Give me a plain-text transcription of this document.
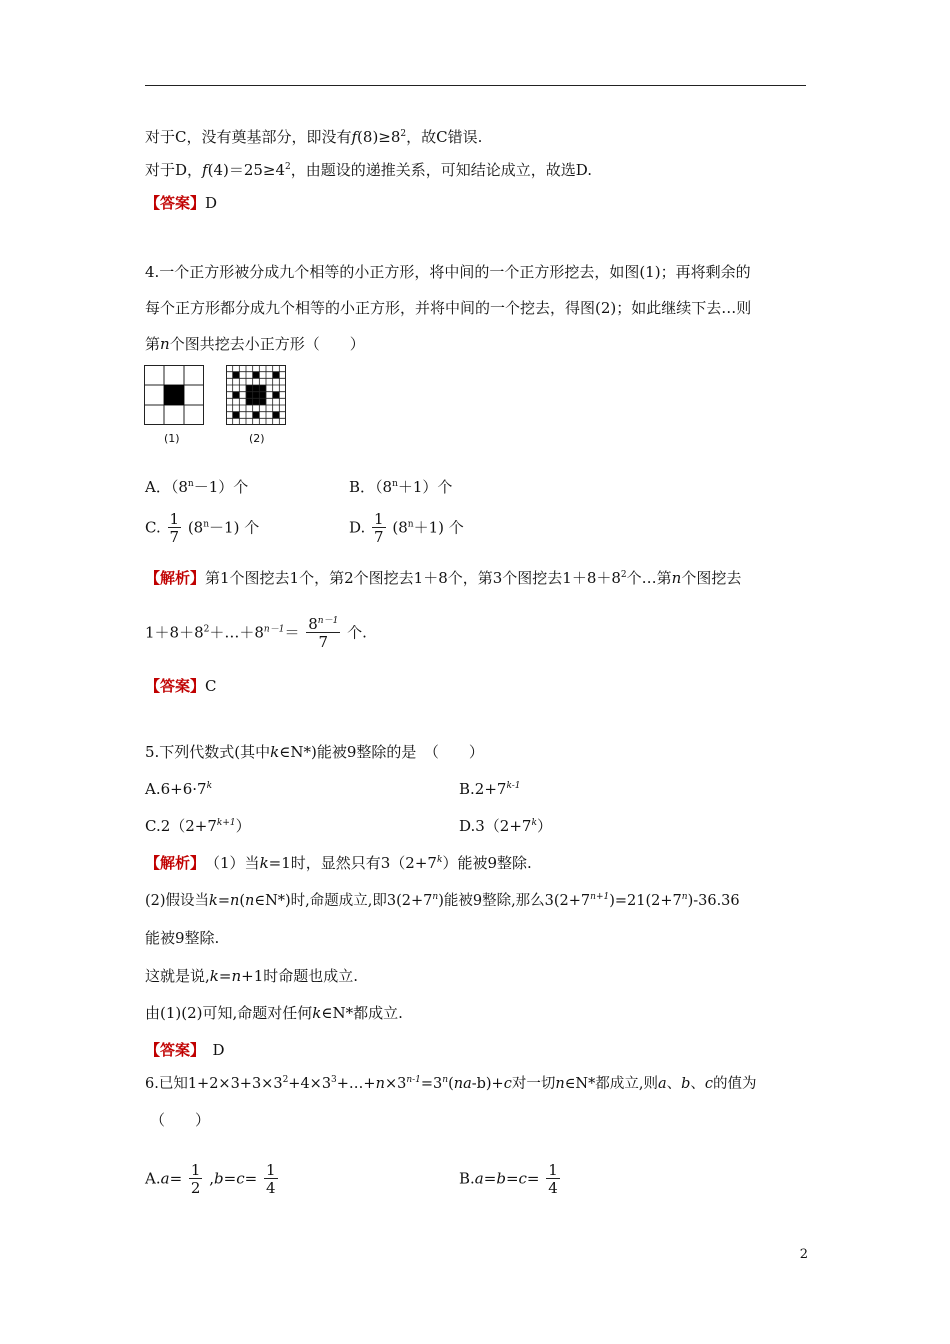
对于C，没有奠基部分，即没有$f(8)\ge 8^2$，故C错误.
对于D，$f(4)=25\ge 4^2$，由题设的递推关系，可知结论成立，故选D.
【答案】D
4.一个正方形被分成九个相等的小正方形，将中间的一个正方形挖去，如图(1)；再将剩余的
每个正方形都分成九个相等的小正方形，并将中间的一个挖去，得图(2)；如此继续下去…则
第n个图共挖去小正方形（　　）
(1)	(2)
A．$(8^n-1)$个	B．$(8^n+1)$个
C. $\frac{1}{7} (8^n-1)$ 个	D. $\frac{1}{7} (8^n+1)$ 个
【解析】第1个图挖去1个，第2个图挖去1＋8个，第3个图挖去$1+8+8^2$个…第n个图挖去
$1+8+8^2+\dots+8^{n-1}= \frac{8^{n-1}}{7}$ 个.
【答案】C
5.下列代数式(其中k∈N*)能被9整除的是　（　　）
$A.6+6\cdot 7^k$	$B.2+7^{k-1}$
$C.2(2+7^{k+1})$	$D.3(2+7^k)$
【解析】　（1）当k=1时，显然只有$3(2+7^k)$能被9整除.
(2)假设当k=n(n∈N*)时,命题成立,即$3(2+7^n)$能被9整除,那么$3(2+7^{n+1})=21(2+7^n)-36.36$
能被9整除.
这就是说,k=n+1时命题也成立.
由(1)(2)可知,命题对任何k∈N*都成立.
【答案】　D
6.已知$1+2\times 3+3\times 3^2+4\times 3^3+\dots+n\times 3^{n-1}=3^n(na-b)+c$对一切n∈N*都成立,则a、b、c的值为
（　　）
$A.a= \frac{1}{2} ,b=c= \frac{1}{4}$	$B.a=b=c= \frac{1}{4}$
2
